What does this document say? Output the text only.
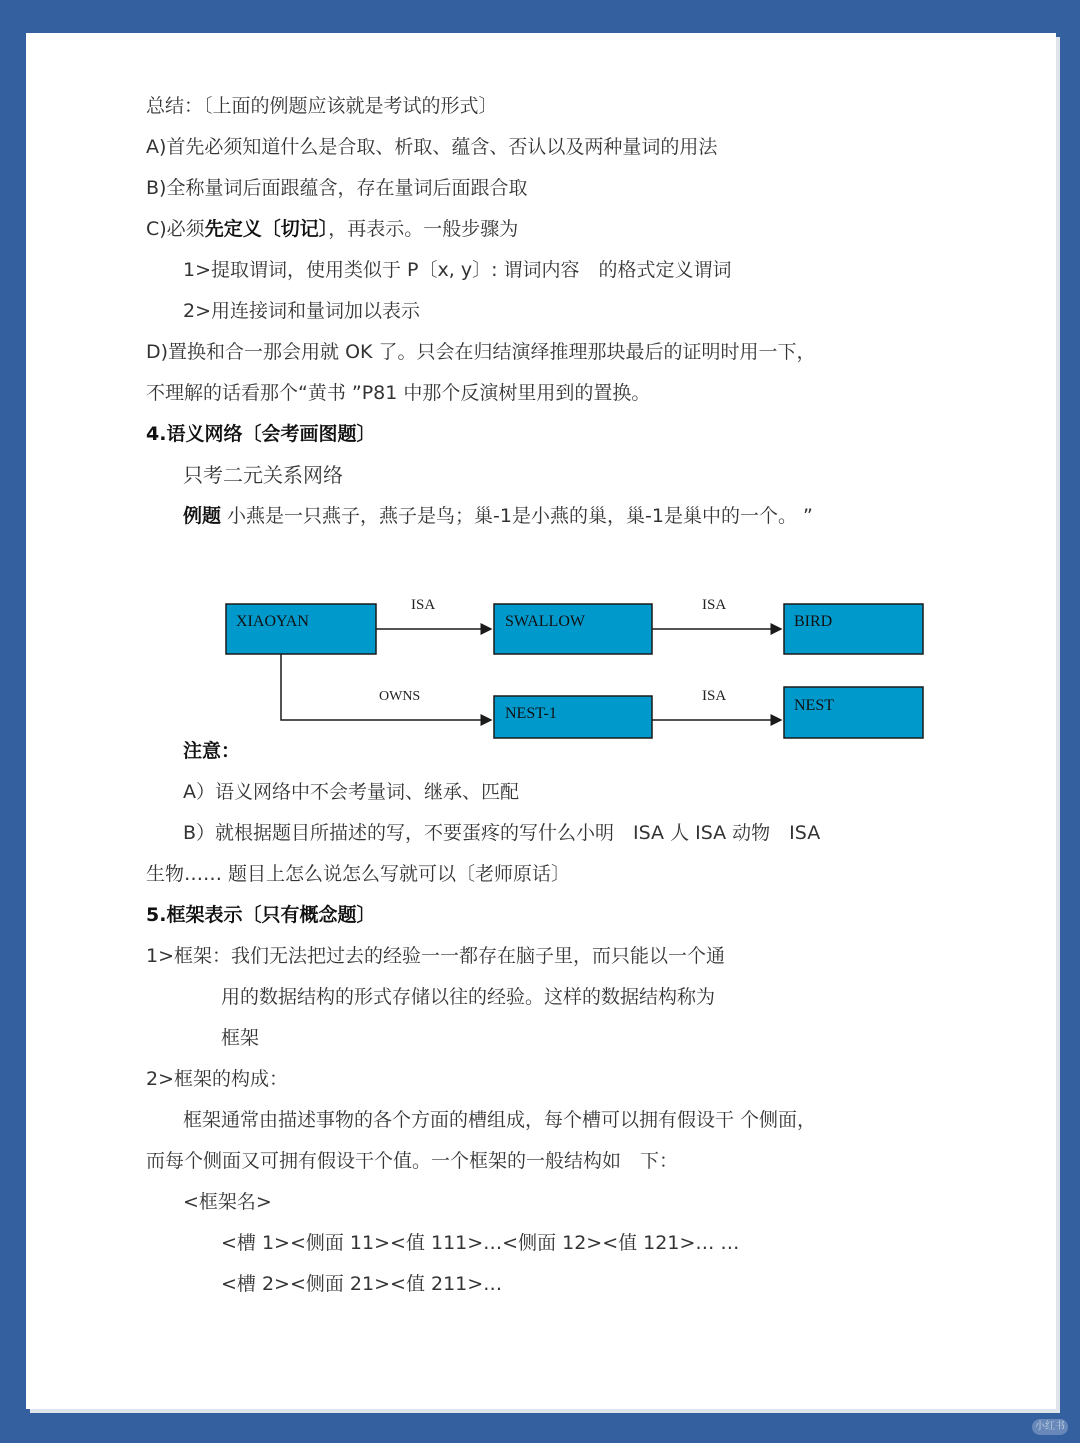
总结：〔上面的例题应该就是考试的形式〕
A)首先必须知道什么是合取、析取、蕴含、否认以及两种量词的用法
B)全称量词后面跟蕴含，存在量词后面跟合取
C)必须先定义〔切记〕，再表示。一般步骤为
1>提取谓词，使用类似于 P〔x, y〕: 谓词内容　的格式定义谓词
2>用连接词和量词加以表示
D)置换和合一那会用就 OK 了。只会在归结演绎推理那块最后的证明时用一下，
不理解的话看那个“黄书 ”P81 中那个反演树里用到的置换。
4.语义网络〔会考画图题〕
只考二元关系网络
例题 小燕是一只燕子，燕子是鸟；巢-1是小燕的巢，巢-1是巢中的一个。 ”
ISA	ISA
OWNS	ISA
XIAOYAN	SWALLOW	BIRD
NEST-1	NEST
注意：
A）语义网络中不会考量词、继承、匹配
B）就根据题目所描述的写，不要蛋疼的写什么小明　ISA 人 ISA 动物　ISA
生物…… 题目上怎么说怎么写就可以〔老师原话〕
5.框架表示〔只有概念题〕
1>框架：我们无法把过去的经验一一都存在脑子里，而只能以一个通
用的数据结构的形式存储以往的经验。这样的数据结构称为
框架
2>框架的构成：
框架通常由描述事物的各个方面的槽组成，每个槽可以拥有假设干 个侧面，
而每个侧面又可拥有假设干个值。一个框架的一般结构如　下：
<框架名>
<槽 1><侧面 11><值 111>…<侧面 12><值 121>… …
<槽 2><侧面 21><值 211>…
小红书
